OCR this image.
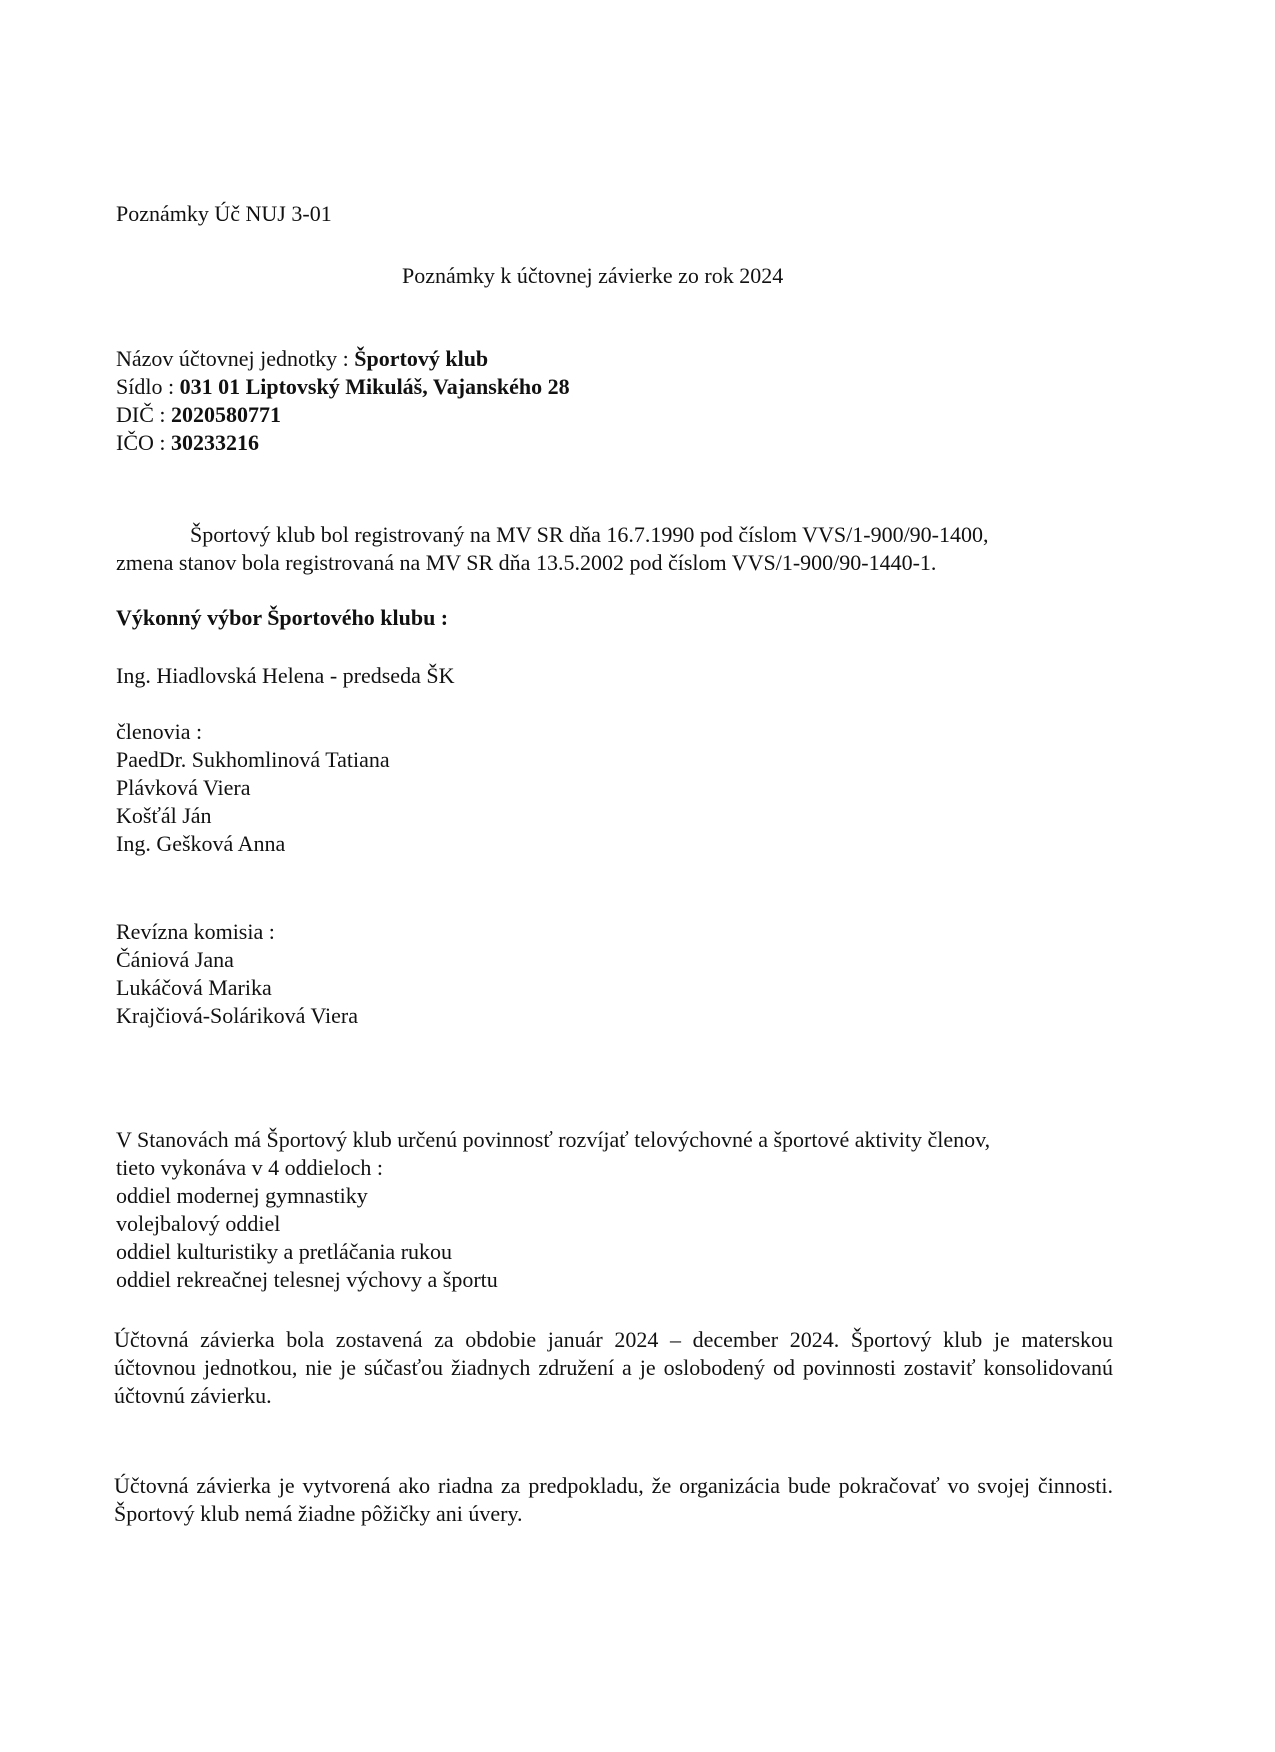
Poznámky Úč NUJ 3-01
Poznámky k účtovnej závierke zo rok 2024
Názov účtovnej jednotky : Športový klub
Sídlo : 031 01 Liptovský Mikuláš, Vajanského 28
DIČ : 2020580771
IČO : 30233216
Športový klub bol registrovaný na MV SR dňa 16.7.1990 pod číslom VVS/1-900/90-1400,
zmena stanov bola registrovaná na MV SR dňa 13.5.2002 pod číslom VVS/1-900/90-1440-1.
Výkonný výbor Športového klubu :
Ing. Hiadlovská Helena - predseda ŠK
členovia :
PaedDr. Sukhomlinová Tatiana
Plávková Viera
Košťál Ján
Ing. Gešková Anna
Revízna komisia :
Čániová Jana
Lukáčová Marika
Krajčiová-Soláriková Viera
V Stanovách má Športový klub určenú povinnosť rozvíjať telovýchovné a športové aktivity členov,
tieto vykonáva v 4 oddieloch :
oddiel modernej gymnastiky
volejbalový oddiel
oddiel kulturistiky a pretláčania rukou
oddiel rekreačnej telesnej výchovy a športu
Účtovná závierka bola zostavená za obdobie január 2024 – december 2024. Športový klub je materskou účtovnou jednotkou, nie je súčasťou žiadnych združení a je oslobodený od povinnosti zostaviť konsolidovanú účtovnú závierku.
Účtovná závierka je vytvorená ako riadna za predpokladu, že organizácia bude pokračovať vo svojej činnosti. Športový klub nemá žiadne pôžičky ani úvery.
